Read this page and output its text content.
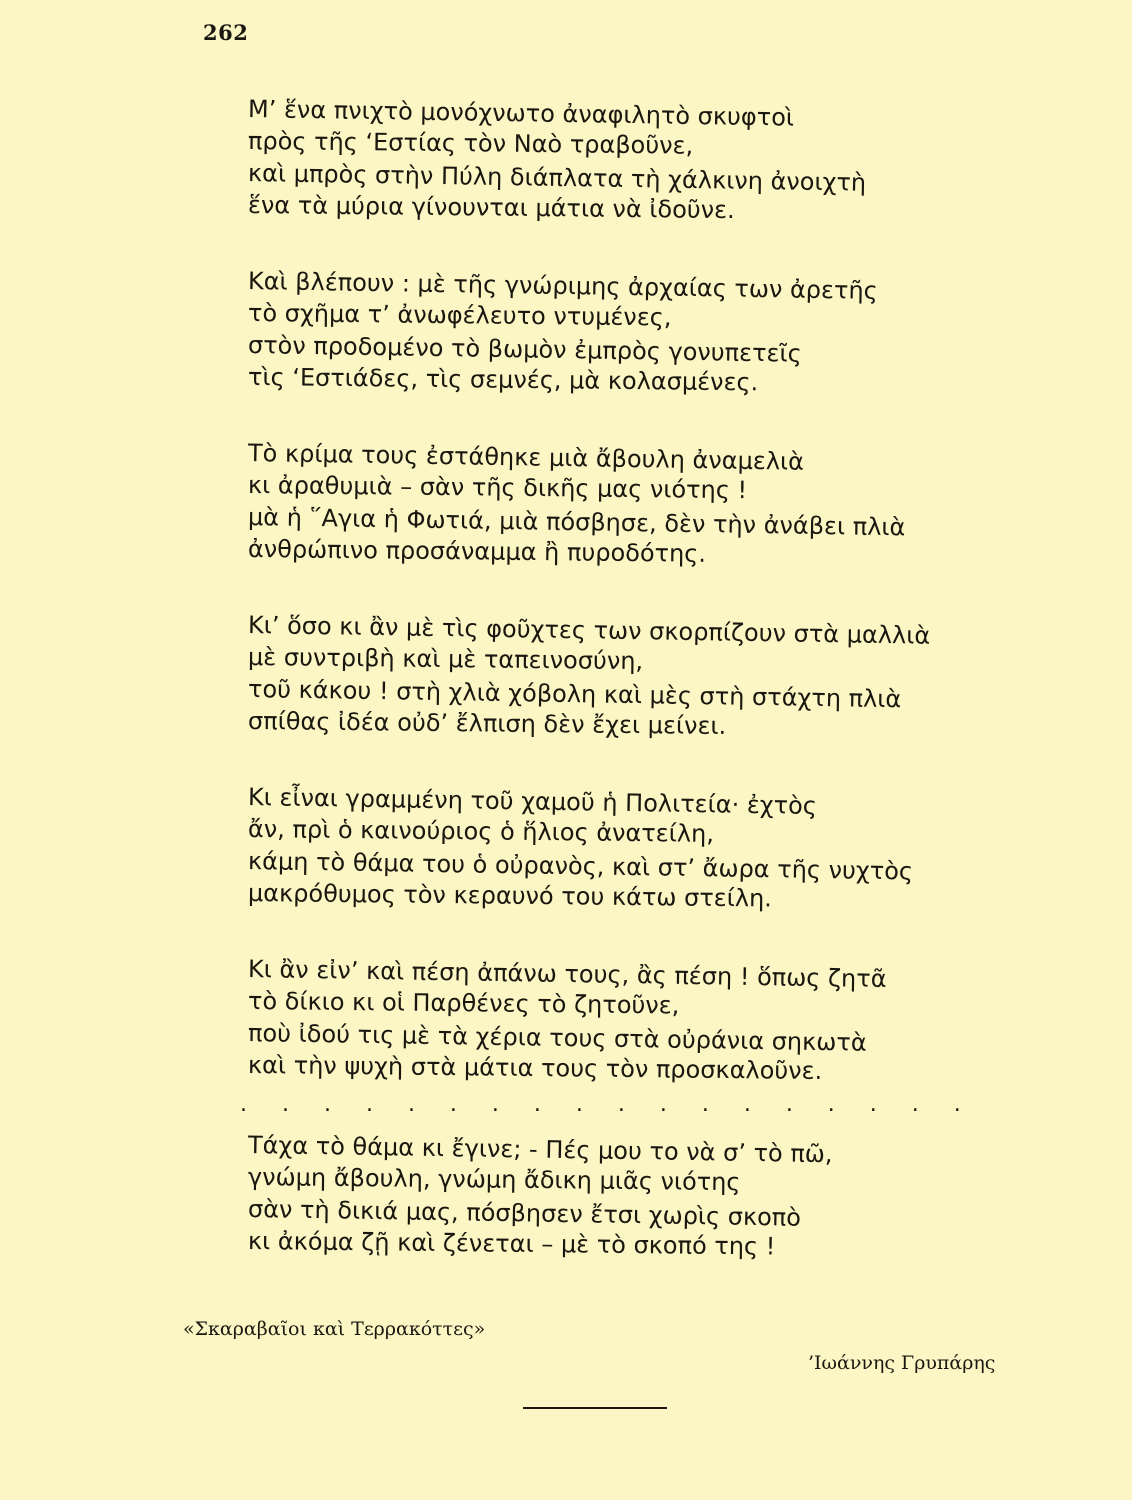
262
Μ’ ἕνα πνιχτὸ μονόχνωτο ἀναφιλητὸ σκυφτοὶ
πρὸς τῆς ‘Εστίας τὸν Ναὸ τραβοῦνε,
καὶ μπρὸς στὴν Πύλη διάπλατα τὴ χάλκινη ἀνοιχτὴ
ἕνα τὰ μύρια γίνουνται μάτια νὰ ἰδοῦνε.
Καὶ βλέπουν : μὲ τῆς γνώριμης ἀρχαίας των ἀρετῆς
τὸ σχῆμα τ’ ἀνωφέλευτο ντυμένες,
στὸν προδομένο τὸ βωμὸν ἐμπρὸς γονυπετεῖς
τὶς ‘Εστιάδες, τὶς σεμνές, μὰ κολασμένες.
Τὸ κρίμα τους ἐστάθηκε μιὰ ἄβουλη ἀναμελιὰ
κι ἀραθυμιὰ – σὰν τῆς δικῆς μας νιότης !
μὰ ἡ ῞Αγια ἡ Φωτιά, μιὰ πόσβησε, δὲν τὴν ἀνάβει πλιὰ
ἀνθρώπινο προσάναμμα ἢ πυροδότης.
Κι’ ὅσο κι ἂν μὲ τὶς φοῦχτες των σκορπίζουν στὰ μαλλιὰ
μὲ συντριβὴ καὶ μὲ ταπεινοσύνη,
τοῦ κάκου ! στὴ χλιὰ χόβολη καὶ μὲς στὴ στάχτη πλιὰ
σπίθας ἰδέα οὐδ’ ἔλπιση δὲν ἔχει μείνει.
Κι εἶναι γραμμένη τοῦ χαμοῦ ἡ Πολιτεία· ἐχτὸς
ἄν, πρὶ ὁ καινούριος ὁ ἥλιος ἀνατείλη,
κάμη τὸ θάμα του ὁ οὐρανὸς, καὶ στ’ ἄωρα τῆς νυχτὸς
μακρόθυμος τὸν κεραυνό του κάτω στείλη.
Κι ἂν εἰν’ καὶ πέση ἀπάνω τους, ἂς πέση ! ὅπως ζητᾶ
τὸ δίκιο κι οἱ Παρθένες τὸ ζητοῦνε,
ποὺ ἰδού τις μὲ τὰ χέρια τους στὰ οὐράνια σηκωτὰ
καὶ τὴν ψυχὴ στὰ μάτια τους τὸν προσκαλοῦνε.
. . . . . . . . . . . . . . . . . .
Τάχα τὸ θάμα κι ἔγινε; - Πές μου το νὰ σ’ τὸ πῶ,
γνώμη ἄβουλη, γνώμη ἄδικη μιᾶς νιότης
σὰν τὴ δικιά μας, πόσβησεν ἔτσι χωρὶς σκοπὸ
κι ἀκόμα ζῇ καὶ ζένεται – μὲ τὸ σκοπό της !
«Σκαραβαῖοι καὶ Τερρακόττες»
’Ιωάννης Γρυπάρης
